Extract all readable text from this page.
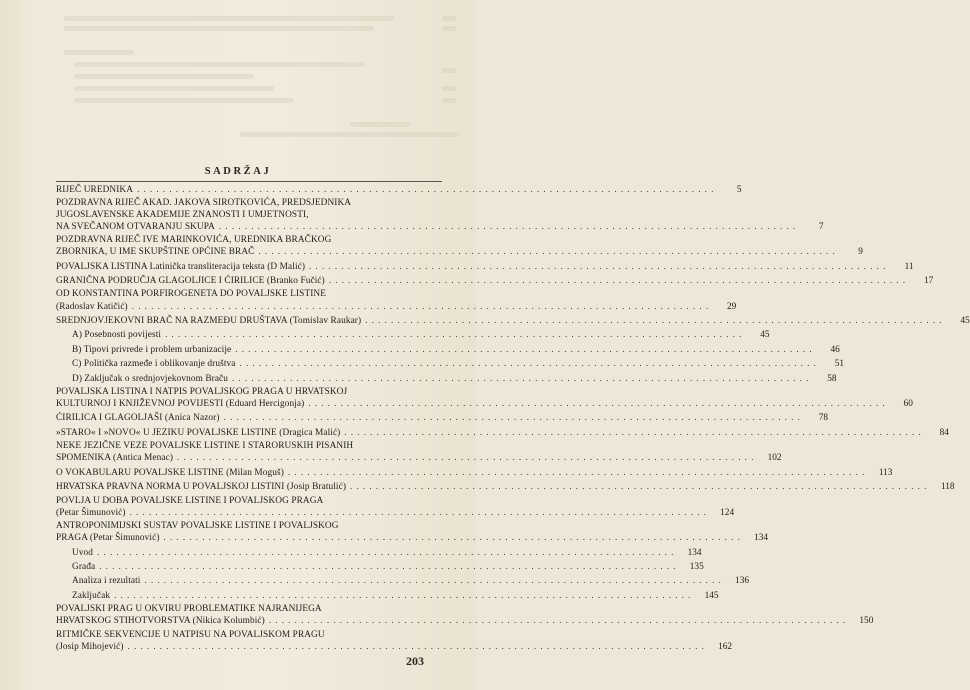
SADRŽAJ
RIJEČ UREDNIKA ..........................................................................................	5
POZDRAVNA RIJEČ AKAD. JAKOVA SIROTKOVIĆA, PREDSJEDNIKA
JUGOSLAVENSKE AKADEMIJE ZNANOSTI I UMJETNOSTI,
NA SVEČANOM OTVARANJU SKUPA ..........................................................................................	7
POZDRAVNA RIJEČ IVE MARINKOVIĆA, UREDNIKA BRAČKOG
ZBORNIKA, U IME SKUPŠTINE OPĆINE BRAČ ..........................................................................................	9
POVALJSKA LISTINA Latinička transliteracija teksta (D Malić) ..........................................................................................	11
GRANIČNA PODRUČJA GLAGOLJICE I ĆIRILICE (Branko Fučić) ..........................................................................................	17
OD KONSTANTINA PORFIROGENETA DO POVALJSKE LISTINE
(Radoslav Katičić) ..........................................................................................	29
SREDNJOVJEKOVNI BRAČ NA RAZMEĐU DRUŠTAVA (Tomislav Raukar) ..........................................................................................	45
A) Posebnosti povijesti ..........................................................................................	45
B) Tipovi privrede i problem urbanizacije ..........................................................................................	46
C) Politička razmeđe i oblikovanje društva ..........................................................................................	51
D) Zaključak o srednjovjekovnom Braču ..........................................................................................	58
POVALJSKA LISTINA I NATPIS POVALJSKOG PRAGA U HRVATSKOJ
KULTURNOJ I KNJIŽEVNOJ POVIJESTI (Eduard Hercigonja) ..........................................................................................	60
ĆIRILICA I GLAGOLJAŠI (Anica Nazor) ..........................................................................................	78
»STARO« I »NOVO« U JEZIKU POVALJSKE LISTINE (Dragica Malić) ..........................................................................................	84
NEKE JEZIČNE VEZE POVALJSKE LISTINE I STARORUSKIH PISANIH
SPOMENIKA (Antica Menac) ..........................................................................................	102
O VOKABULARU POVALJSKE LISTINE (Milan Moguš) ..........................................................................................	113
HRVATSKA PRAVNA NORMA U POVALJSKOJ LISTINI (Josip Bratulić) ..........................................................................................	118
POVLJA U DOBA POVALJSKE LISTINE I POVALJSKOG PRAGA
(Petar Šimunović) ..........................................................................................	124
ANTROPONIMIJSKI SUSTAV POVALJSKE LISTINE I POVALJSKOG
PRAGA (Petar Šimunović) ..........................................................................................	134
Uvod ..........................................................................................	134
Građa ..........................................................................................	135
Analiza i rezultati ..........................................................................................	136
Zaključak ..........................................................................................	145
POVALJSKI PRAG U OKVIRU PROBLEMATIKE NAJRANIJEGA
HRVATSKOG STIHOTVORSTVA (Nikica Kolumbić) ..........................................................................................	150
RITMIČKE SEKVENCIJE U NATPISU NA POVALJSKOM PRAGU
(Josip Mihojević) ..........................................................................................	162
203
